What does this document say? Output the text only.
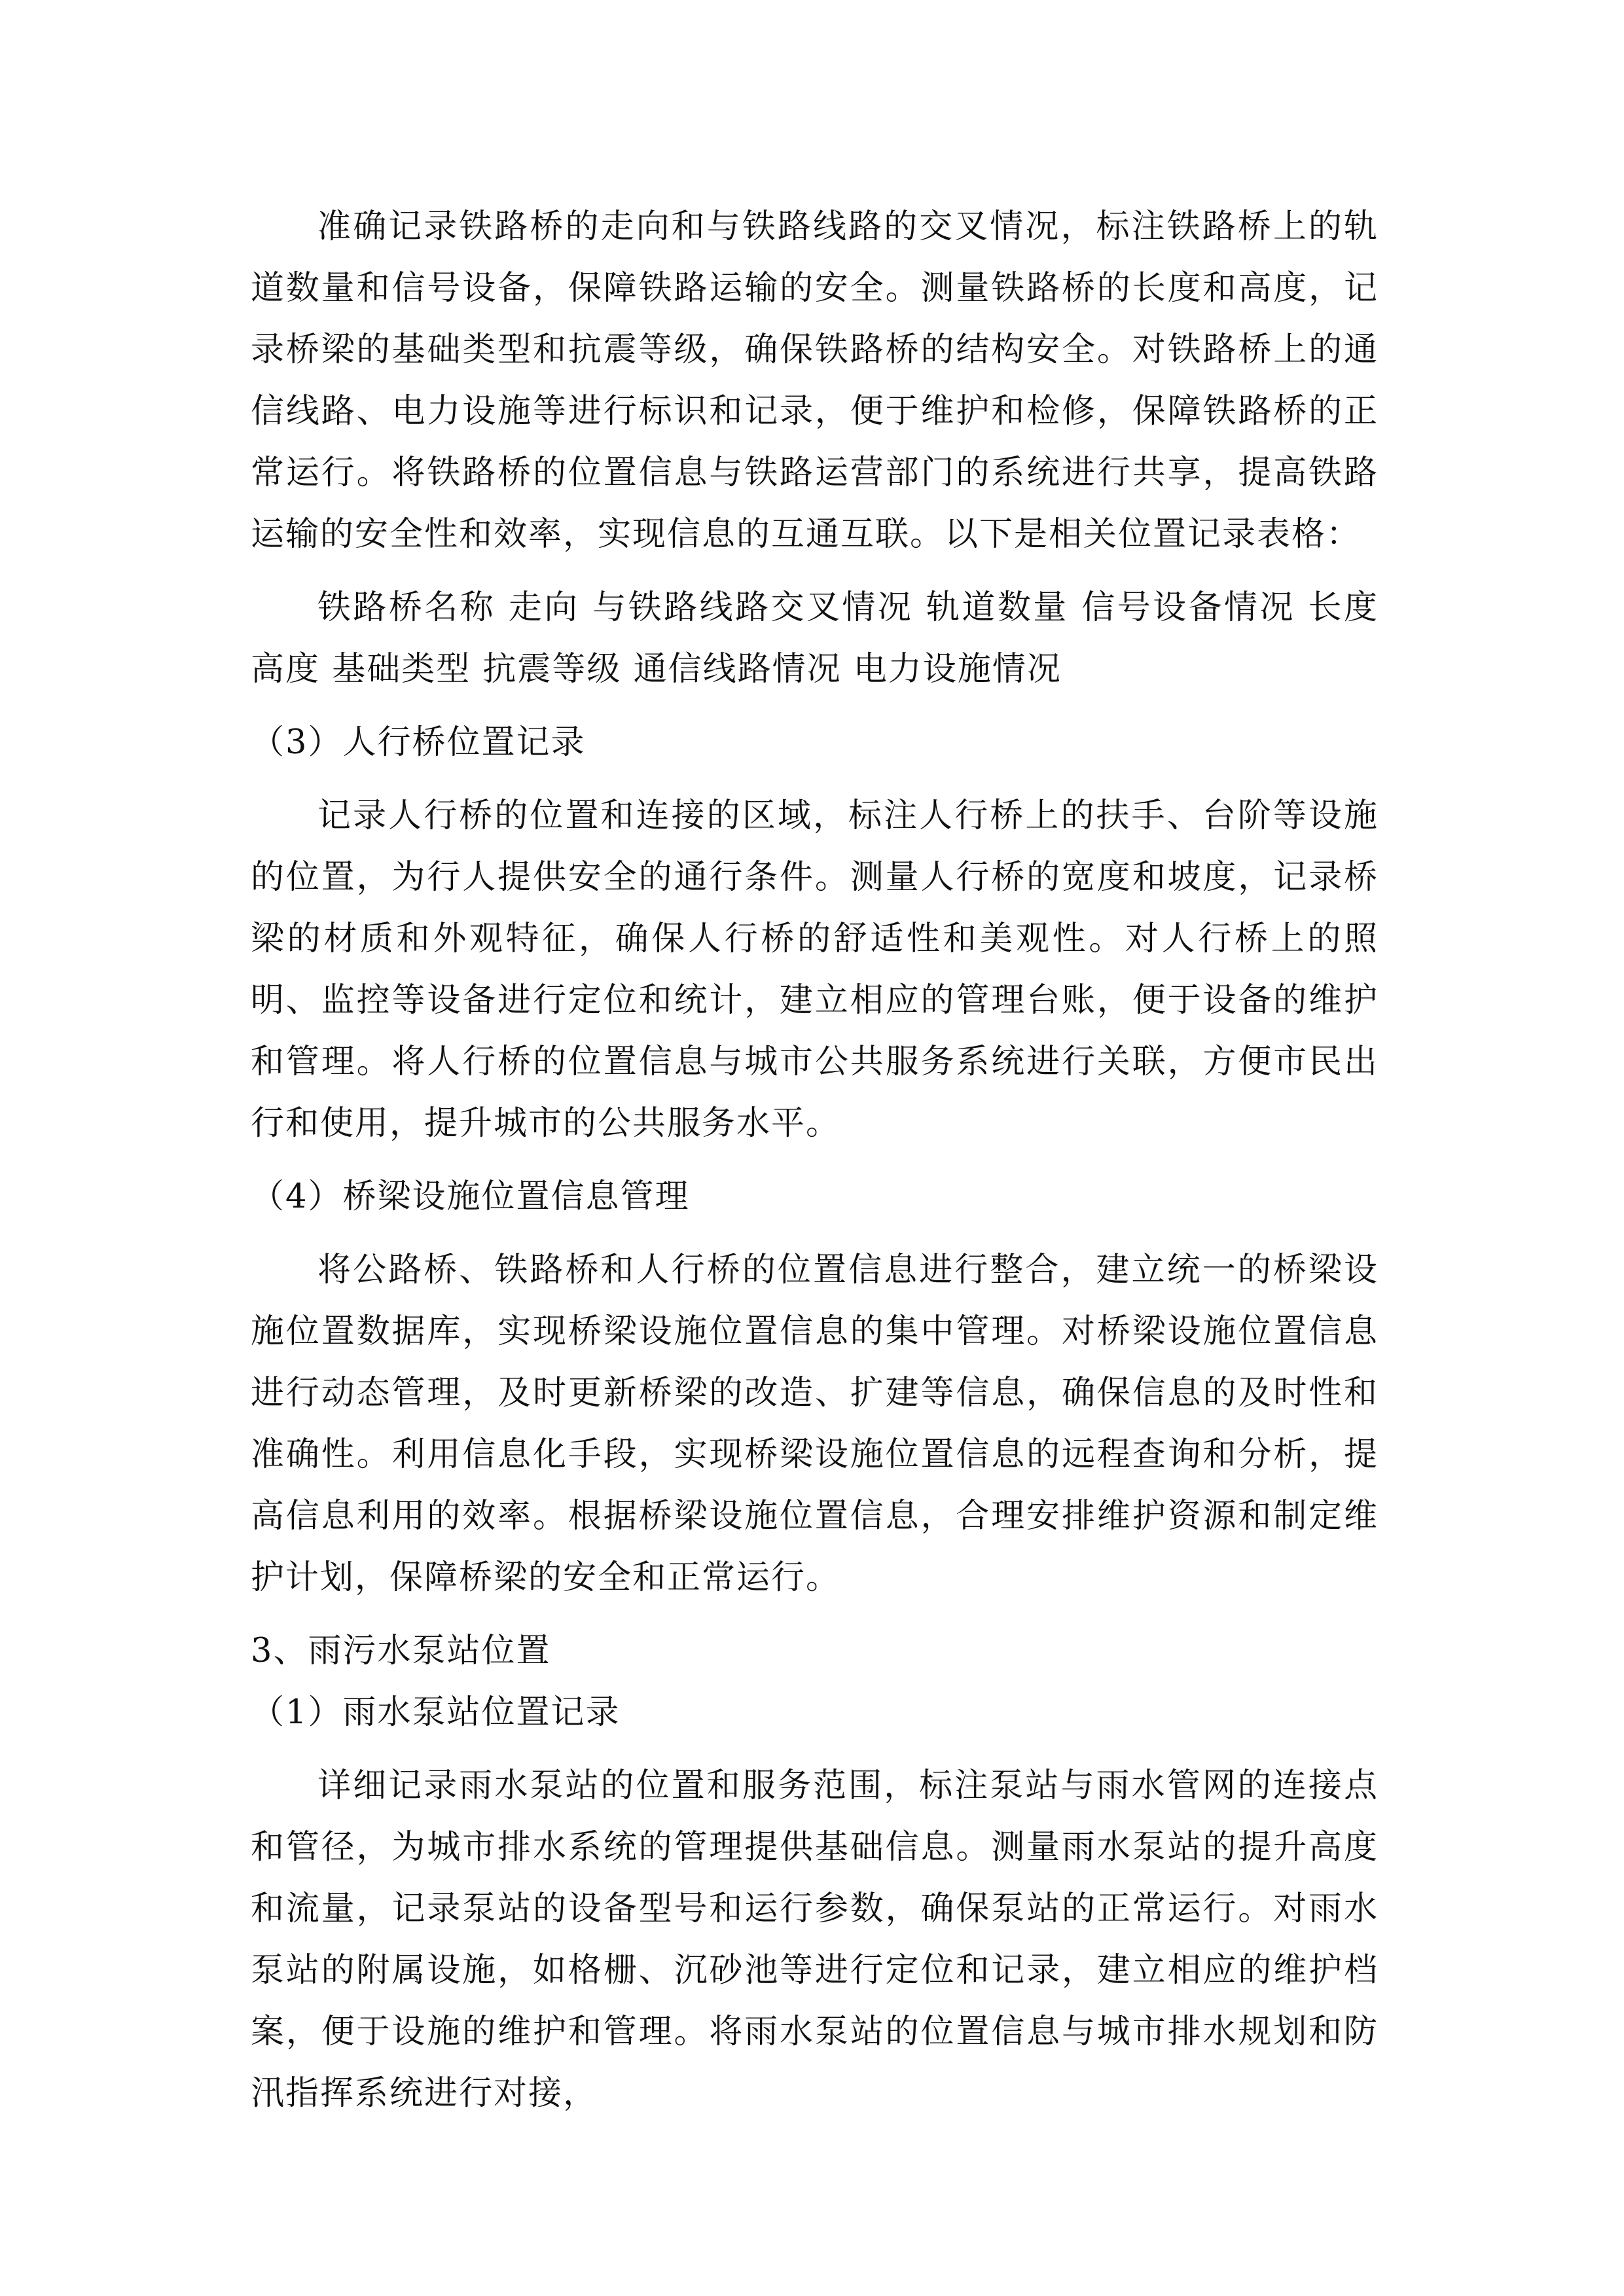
准确记录铁路桥的走向和与铁路线路的交叉情况，标注铁路桥上的轨道数量和信号设备，保障铁路运输的安全。测量铁路桥的长度和高度，记录桥梁的基础类型和抗震等级，确保铁路桥的结构安全。对铁路桥上的通信线路、电力设施等进行标识和记录，便于维护和检修，保障铁路桥的正常运行。将铁路桥的位置信息与铁路运营部门的系统进行共享，提高铁路运输的安全性和效率，实现信息的互通互联。以下是相关位置记录表格：

铁路桥名称 走向 与铁路线路交叉情况 轨道数量 信号设备情况 长度 高度 基础类型 抗震等级 通信线路情况 电力设施情况

（3）人行桥位置记录

记录人行桥的位置和连接的区域，标注人行桥上的扶手、台阶等设施的位置，为行人提供安全的通行条件。测量人行桥的宽度和坡度，记录桥梁的材质和外观特征，确保人行桥的舒适性和美观性。对人行桥上的照明、监控等设备进行定位和统计，建立相应的管理台账，便于设备的维护和管理。将人行桥的位置信息与城市公共服务系统进行关联，方便市民出行和使用，提升城市的公共服务水平。

（4）桥梁设施位置信息管理

将公路桥、铁路桥和人行桥的位置信息进行整合，建立统一的桥梁设施位置数据库，实现桥梁设施位置信息的集中管理。对桥梁设施位置信息进行动态管理，及时更新桥梁的改造、扩建等信息，确保信息的及时性和准确性。利用信息化手段，实现桥梁设施位置信息的远程查询和分析，提高信息利用的效率。根据桥梁设施位置信息，合理安排维护资源和制定维护计划，保障桥梁的安全和正常运行。

3、雨污水泵站位置

（1）雨水泵站位置记录

详细记录雨水泵站的位置和服务范围，标注泵站与雨水管网的连接点和管径，为城市排水系统的管理提供基础信息。测量雨水泵站的提升高度和流量，记录泵站的设备型号和运行参数，确保泵站的正常运行。对雨水泵站的附属设施，如格栅、沉砂池等进行定位和记录，建立相应的维护档案，便于设施的维护和管理。将雨水泵站的位置信息与城市排水规划和防汛指挥系统进行对接，
